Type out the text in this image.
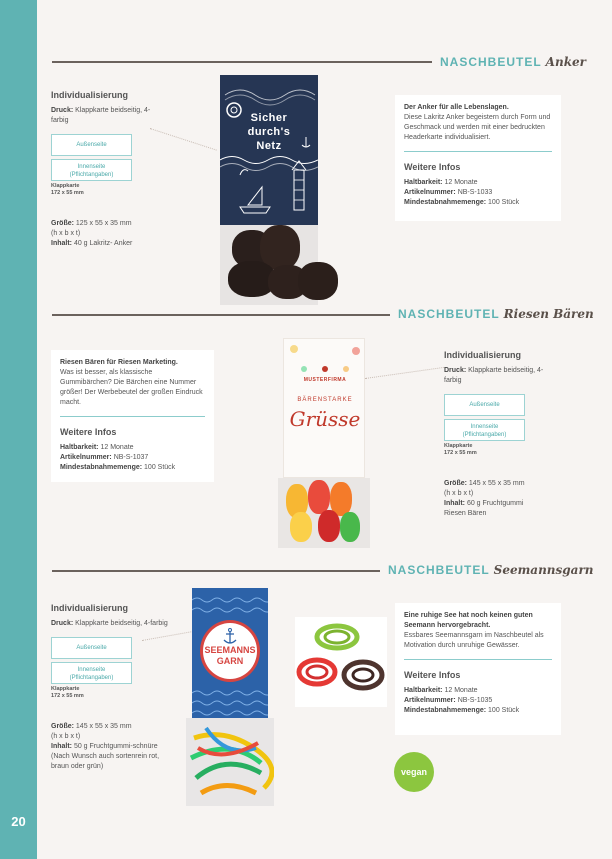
20
NASCHBEUTEL Anker
Individualisierung
Druck: Klappkarte beidseitig, 4-farbig
Außenseite
Innenseite
(Pflichtangaben)
Klappkarte
172 x 55 mm
Größe: 125 x 55 x 35 mm
(h x b x t)
Inhalt: 40 g Lakritz- Anker
Sicher
durch's
Netz
Der Anker für alle Lebenslagen.
Diese Lakritz Anker begeistern durch Form und Geschmack und werden mit einer bedruckten Headerkarte individualisiert.
Weitere Infos
Haltbarkeit: 12 Monate
Artikelnummer: NB-S-1033
Mindestabnahmemenge: 100 Stück
NASCHBEUTEL Riesen Bären
Riesen Bären für Riesen Marketing.
Was ist besser, als klassische Gummibärchen? Die Bärchen eine Nummer größer! Der Werbebeutel der großen Eindruck macht.
Weitere Infos
Haltbarkeit: 12 Monate
Artikelnummer: NB-S-1037
Mindestabnahmemenge: 100 Stück
MUSTERFIRMA
BÄRENSTARKE
Grüsse
Individualisierung
Druck: Klappkarte beidseitig, 4-farbig
Außenseite
Innenseite
(Pflichtangaben)
Klappkarte
172 x 55 mm
Größe: 145 x 55 x 35 mm
(h x b x t)
Inhalt: 60 g Fruchtgummi Riesen Bären
NASCHBEUTEL Seemannsgarn
Individualisierung
Druck: Klappkarte beidseitig, 4-farbig
Außenseite
Innenseite
(Pflichtangaben)
Klappkarte
172 x 55 mm
Größe: 145 x 55 x 35 mm
(h x b x t)
Inhalt: 50 g Fruchtgummi-schnüre (Nach Wunsch auch sortenrein rot, braun oder grün)
SEEMANNS
GARN
Eine ruhige See hat noch keinen guten Seemann hervorgebracht.
Essbares Seemannsgarn im Naschbeutel als Motivation durch unruhige Gewässer.
Weitere Infos
Haltbarkeit: 12 Monate
Artikelnummer: NB-S-1035
Mindestabnahmemenge: 100 Stück
vegan
